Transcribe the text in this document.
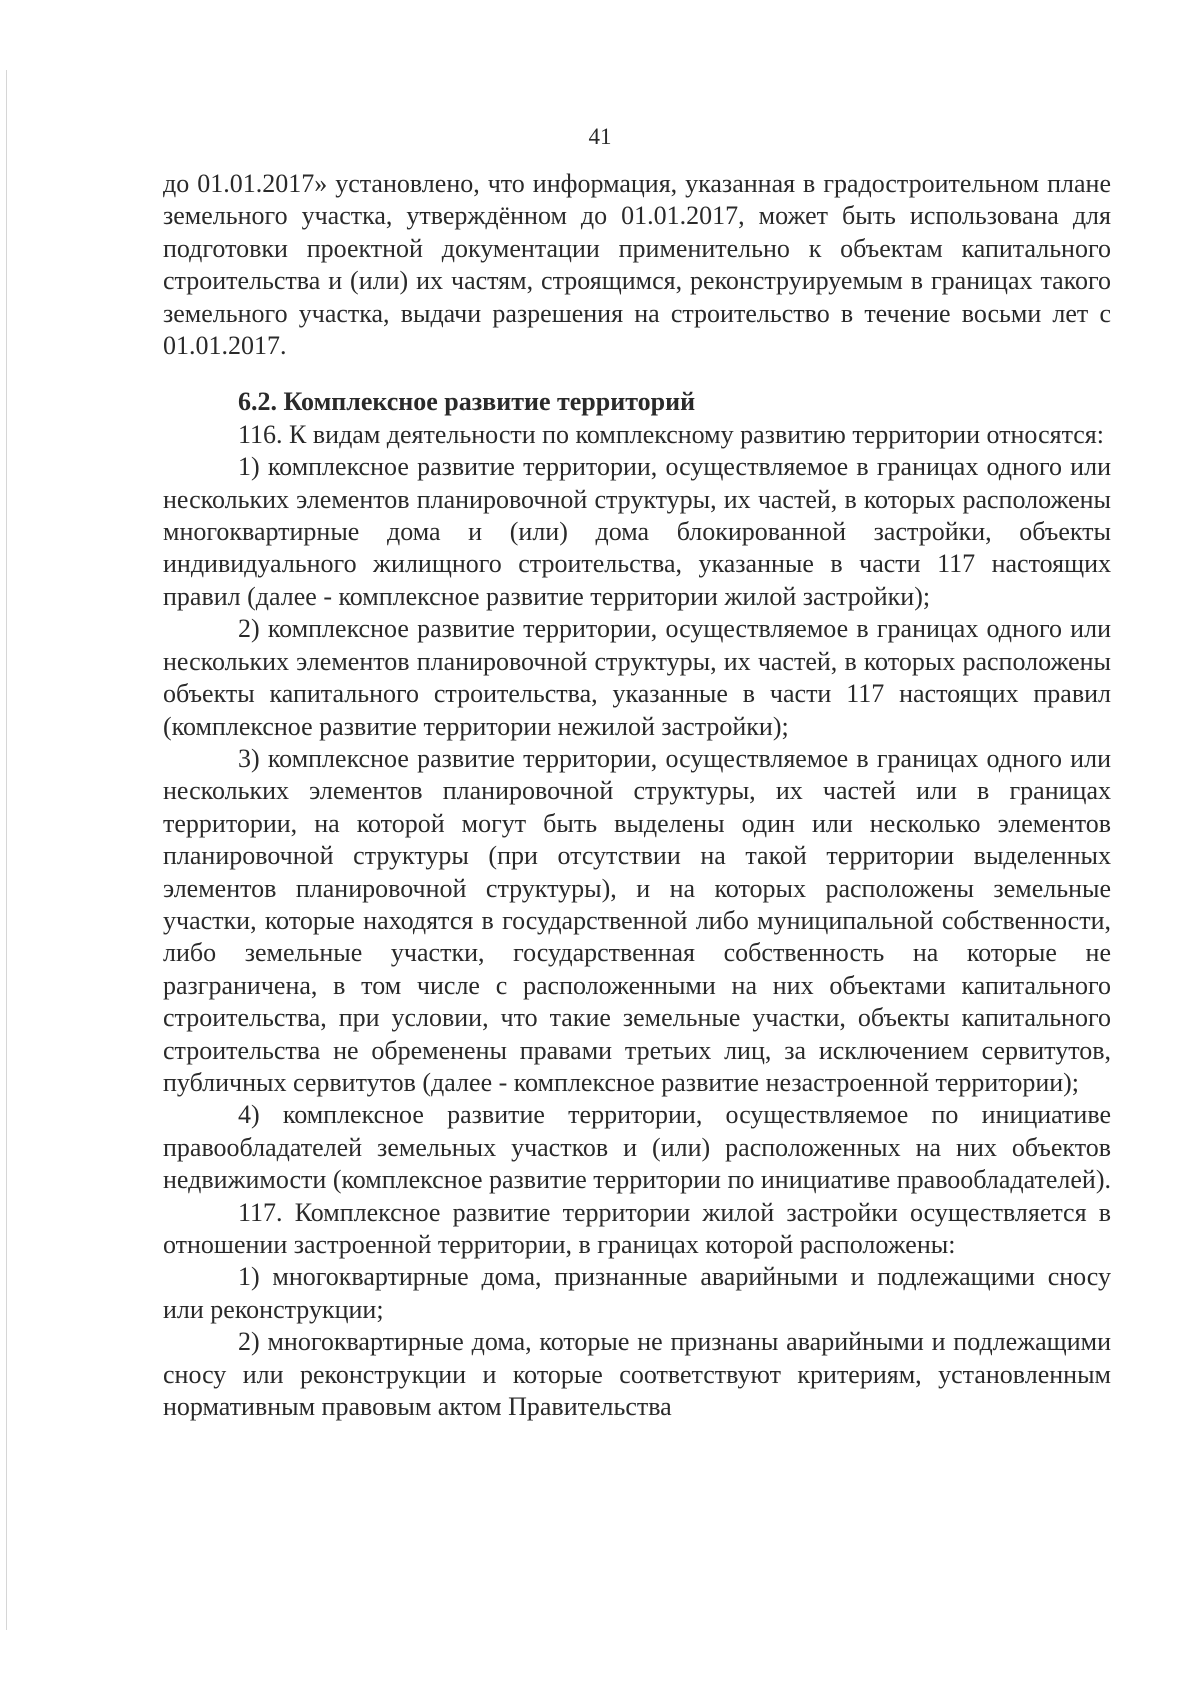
41

до 01.01.2017» установлено, что информация, указанная в градостроительном плане земельного участка, утверждённом до 01.01.2017, может быть использована для подготовки проектной документации применительно к объектам капитального строительства и (или) их частям, строящимся, реконструируемым в границах такого земельного участка, выдачи разрешения на строительство в течение восьми лет с 01.01.2017.

6.2. Комплексное развитие территорий

116. К видам деятельности по комплексному развитию территории относятся:

1) комплексное развитие территории, осуществляемое в границах одного или нескольких элементов планировочной структуры, их частей, в которых расположены многоквартирные дома и (или) дома блокированной застройки, объекты индивидуального жилищного строительства, указанные в части 117 настоящих правил (далее - комплексное развитие территории жилой застройки);

2) комплексное развитие территории, осуществляемое в границах одного или нескольких элементов планировочной структуры, их частей, в которых расположены объекты капитального строительства, указанные в части 117 настоящих правил (комплексное развитие территории нежилой застройки);

3) комплексное развитие территории, осуществляемое в границах одного или нескольких элементов планировочной структуры, их частей или в границах территории, на которой могут быть выделены один или несколько элементов планировочной структуры (при отсутствии на такой территории выделенных элементов планировочной структуры), и на которых расположены земельные участки, которые находятся в государственной либо муниципальной собственности, либо земельные участки, государственная собственность на которые не разграничена, в том числе с расположенными на них объектами капитального строительства, при условии, что такие земельные участки, объекты капитального строительства не обременены правами третьих лиц, за исключением сервитутов, публичных сервитутов (далее - комплексное развитие незастроенной территории);

4) комплексное развитие территории, осуществляемое по инициативе правообладателей земельных участков и (или) расположенных на них объектов недвижимости (комплексное развитие территории по инициативе правообладателей).

117. Комплексное развитие территории жилой застройки осуществляется в отношении застроенной территории, в границах которой расположены:

1) многоквартирные дома, признанные аварийными и подлежащими сносу или реконструкции;

2) многоквартирные дома, которые не признаны аварийными и подлежащими сносу или реконструкции и которые соответствуют критериям, установленным нормативным правовым актом Правительства
